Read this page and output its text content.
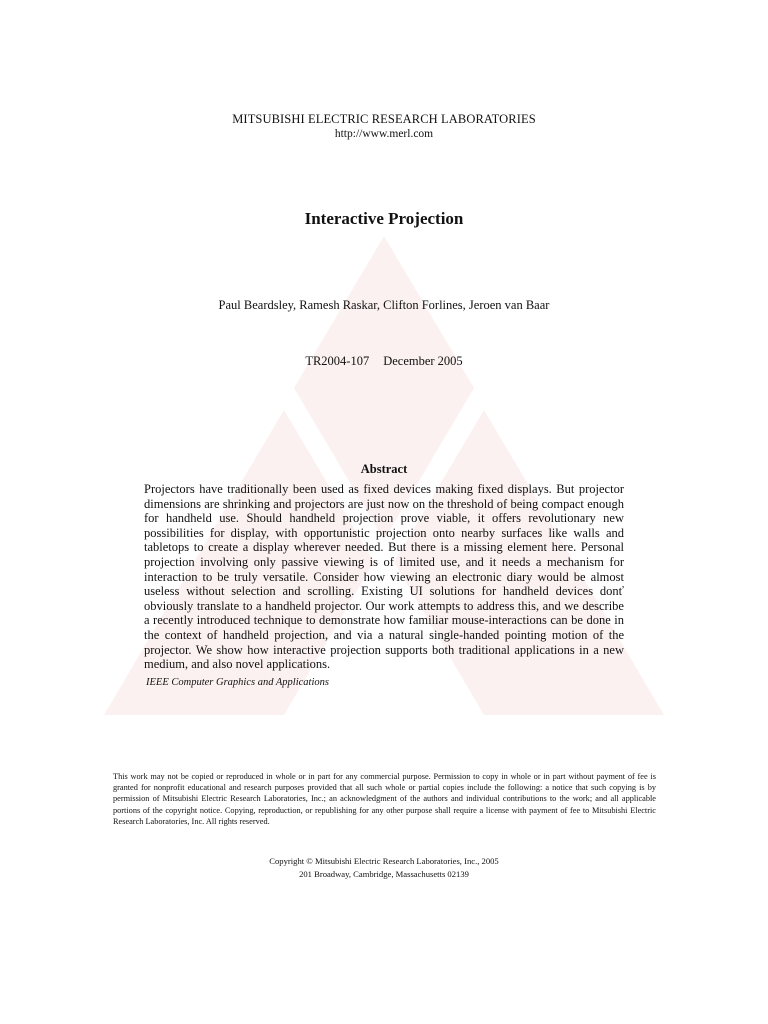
MITSUBISHI ELECTRIC RESEARCH LABORATORIES
http://www.merl.com
Interactive Projection
Paul Beardsley, Ramesh Raskar, Clifton Forlines, Jeroen van Baar
TR2004-107 December 2005
Abstract
Projectors have traditionally been used as fixed devices making fixed displays. But projector dimensions are shrinking and projectors are just now on the threshold of being compact enough for handheld use. Should handheld projection prove viable, it offers revolutionary new possibilities for display, with opportunistic projection onto nearby surfaces like walls and tabletops to create a display wherever needed. But there is a missing element here. Personal projection involving only passive viewing is of limited use, and it needs a mechanism for interaction to be truly versatile. Consider how viewing an electronic diary would be almost useless without selection and scrolling. Existing UI solutions for handheld devices donť obviously translate to a handheld projector. Our work attempts to address this, and we describe a recently introduced technique to demonstrate how familiar mouse-interactions can be done in the context of handheld projection, and via a natural single-handed pointing motion of the projector. We show how interactive projection supports both traditional applications in a new medium, and also novel applications.
IEEE Computer Graphics and Applications
This work may not be copied or reproduced in whole or in part for any commercial purpose. Permission to copy in whole or in part without payment of fee is granted for nonprofit educational and research purposes provided that all such whole or partial copies include the following: a notice that such copying is by permission of Mitsubishi Electric Research Laboratories, Inc.; an acknowledgment of the authors and individual contributions to the work; and all applicable portions of the copyright notice. Copying, reproduction, or republishing for any other purpose shall require a license with payment of fee to Mitsubishi Electric Research Laboratories, Inc. All rights reserved.
Copyright © Mitsubishi Electric Research Laboratories, Inc., 2005
201 Broadway, Cambridge, Massachusetts 02139
